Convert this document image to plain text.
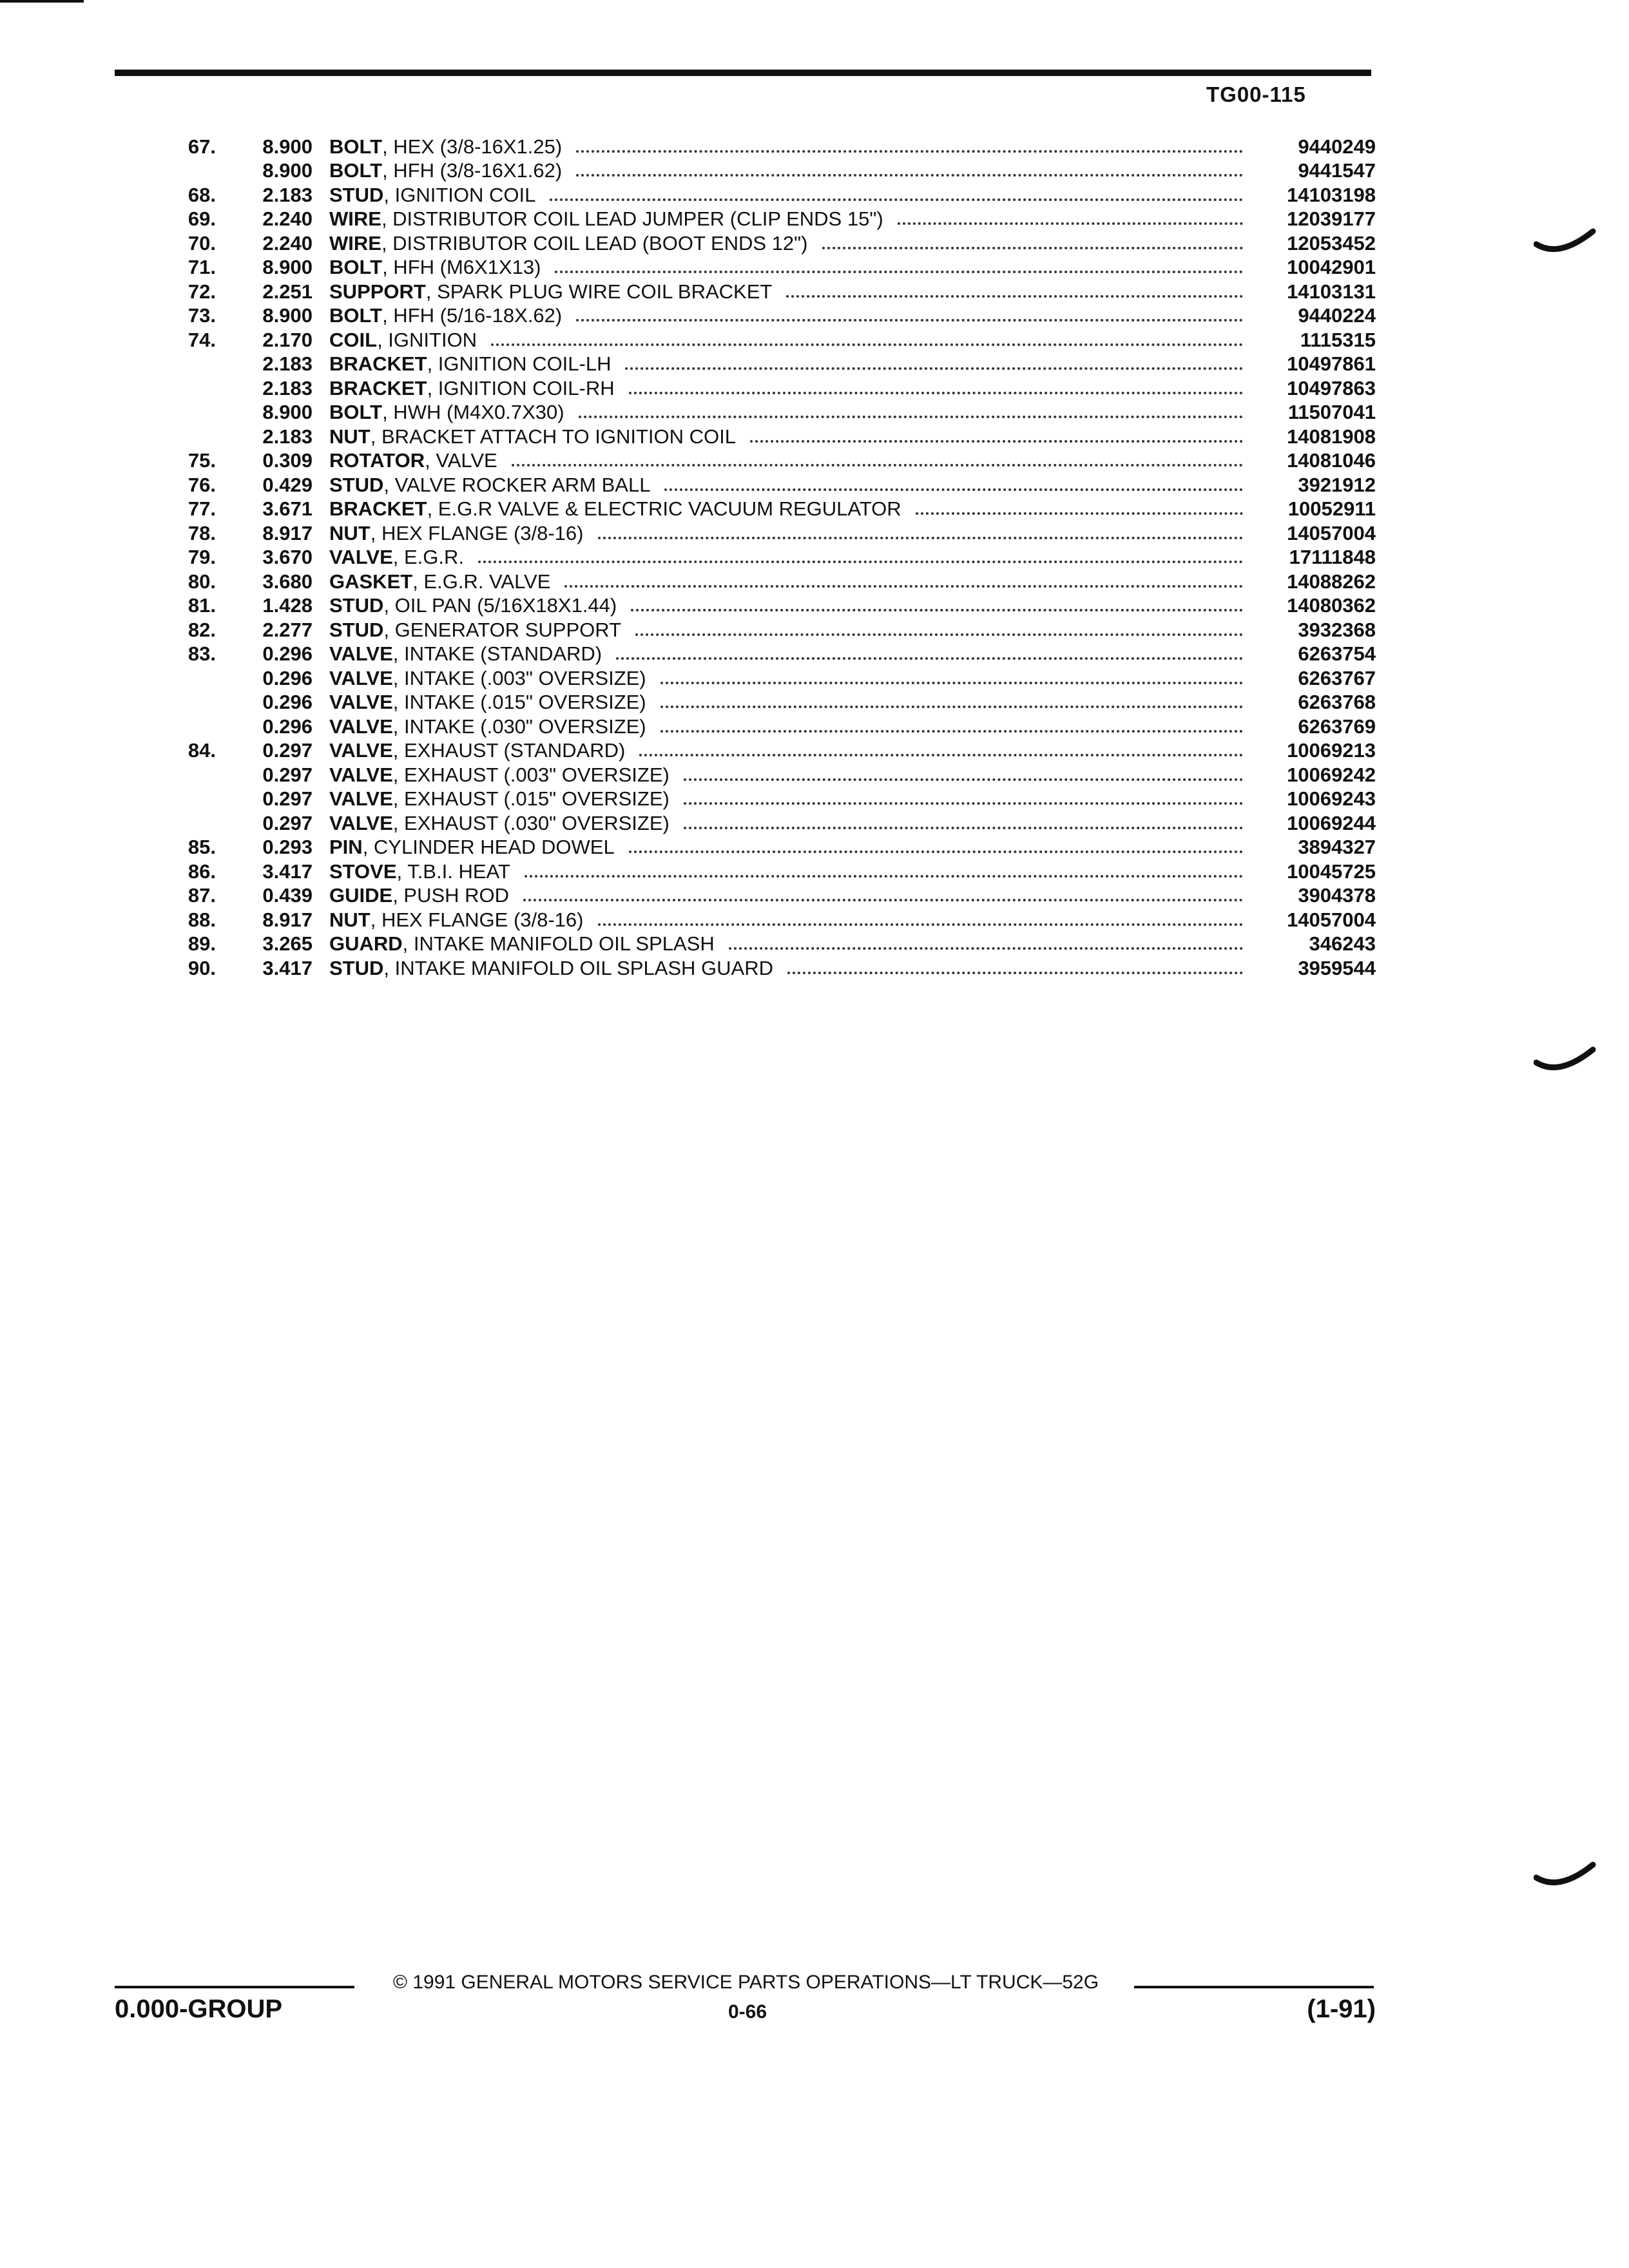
TG00-115
67.	8.900 BOLT , HEX (3/8-16X1.25)	9440249
8.900 BOLT , HFH (3/8-16X1.62)	9441547
68.	2.183 STUD , IGNITION COIL	14103198
69.	2.240 WIRE , DISTRIBUTOR COIL LEAD JUMPER (CLIP ENDS 15")	12039177
70.	2.240 WIRE , DISTRIBUTOR COIL LEAD (BOOT ENDS 12")	12053452
71.	8.900 BOLT , HFH (M6X1X13)	10042901
72.	2.251 SUPPORT , SPARK PLUG WIRE COIL BRACKET	14103131
73.	8.900 BOLT , HFH (5/16-18X.62)	9440224
74.	2.170 COIL , IGNITION	1115315
2.183 BRACKET , IGNITION COIL-LH	10497861
2.183 BRACKET , IGNITION COIL-RH	10497863
8.900 BOLT , HWH (M4X0.7X30)	11507041
2.183 NUT , BRACKET ATTACH TO IGNITION COIL	14081908
75.	0.309 ROTATOR , VALVE	14081046
76.	0.429 STUD , VALVE ROCKER ARM BALL	3921912
77.	3.671 BRACKET , E.G.R VALVE & ELECTRIC VACUUM REGULATOR	10052911
78.	8.917 NUT , HEX FLANGE (3/8-16)	14057004
79.	3.670 VALVE , E.G.R.	17111848
80.	3.680 GASKET , E.G.R. VALVE	14088262
81.	1.428 STUD , OIL PAN (5/16X18X1.44)	14080362
82.	2.277 STUD , GENERATOR SUPPORT	3932368
83.	0.296 VALVE , INTAKE (STANDARD)	6263754
0.296 VALVE , INTAKE (.003" OVERSIZE)	6263767
0.296 VALVE , INTAKE (.015" OVERSIZE)	6263768
0.296 VALVE , INTAKE (.030" OVERSIZE)	6263769
84.	0.297 VALVE , EXHAUST (STANDARD)	10069213
0.297 VALVE , EXHAUST (.003" OVERSIZE)	10069242
0.297 VALVE , EXHAUST (.015" OVERSIZE)	10069243
0.297 VALVE , EXHAUST (.030" OVERSIZE)	10069244
85.	0.293 PIN , CYLINDER HEAD DOWEL	3894327
86.	3.417 STOVE , T.B.I. HEAT	10045725
87.	0.439 GUIDE , PUSH ROD	3904378
88.	8.917 NUT , HEX FLANGE (3/8-16)	14057004
89.	3.265 GUARD , INTAKE MANIFOLD OIL SPLASH	346243
90.	3.417 STUD , INTAKE MANIFOLD OIL SPLASH GUARD	3959544
© 1991 GENERAL MOTORS SERVICE PARTS OPERATIONS—LT TRUCK—52G
0.000-GROUP	0-66	(1-91)
